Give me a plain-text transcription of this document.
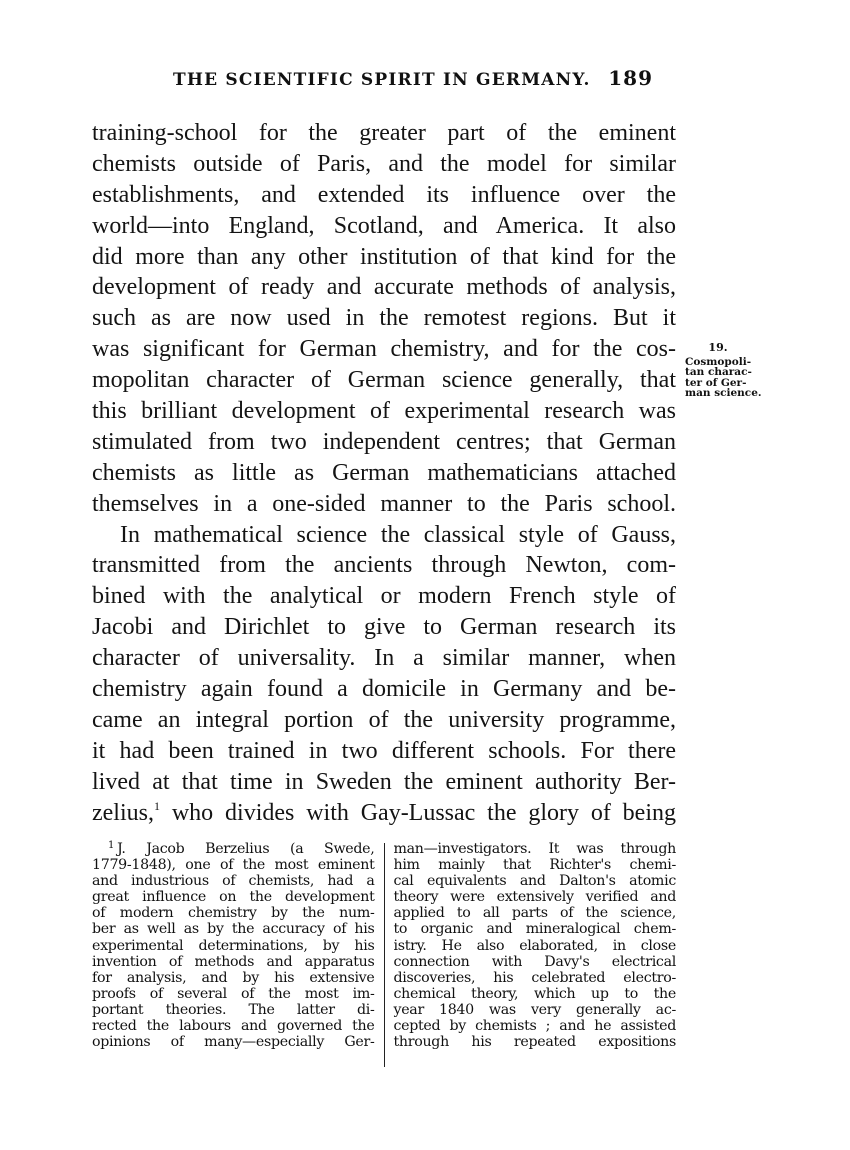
THE SCIENTIFIC SPIRIT IN GERMANY. 189
training-school for the greater part of the eminent
chemists outside of Paris, and the model for similar
establishments, and extended its influence over the
world—into England, Scotland, and America. It also
did more than any other institution of that kind for the
development of ready and accurate methods of analysis,
such as are now used in the remotest regions. But it
was significant for German chemistry, and for the cos-
mopolitan character of German science generally, that
this brilliant development of experimental research was
stimulated from two independent centres; that German
chemists as little as German mathematicians attached
themselves in a one-sided manner to the Paris school.
In mathematical science the classical style of Gauss,
transmitted from the ancients through Newton, com-
bined with the analytical or modern French style of
Jacobi and Dirichlet to give to German research its
character of universality. In a similar manner, when
chemistry again found a domicile in Germany and be-
came an integral portion of the university programme,
it had been trained in two different schools. For there
lived at that time in Sweden the eminent authority Ber-
zelius,$^1$ who divides with Gay-Lussac the glory of being
19.
Cosmopoli-
tan charac-
ter of Ger-
man science.
$^1$ J. Jacob Berzelius (a Swede,
1779-1848), one of the most eminent
and industrious of chemists, had a
great influence on the development
of modern chemistry by the num-
ber as well as by the accuracy of his
experimental determinations, by his
invention of methods and apparatus
for analysis, and by his extensive
proofs of several of the most im-
portant theories. The latter di-
rected the labours and governed the
opinions of many—especially Ger-
man—investigators. It was through
him mainly that Richter's chemi-
cal equivalents and Dalton's atomic
theory were extensively verified and
applied to all parts of the science,
to organic and mineralogical chem-
istry. He also elaborated, in close
connection with Davy's electrical
discoveries, his celebrated electro-
chemical theory, which up to the
year 1840 was very generally ac-
cepted by chemists ; and he assisted
through his repeated expositions
